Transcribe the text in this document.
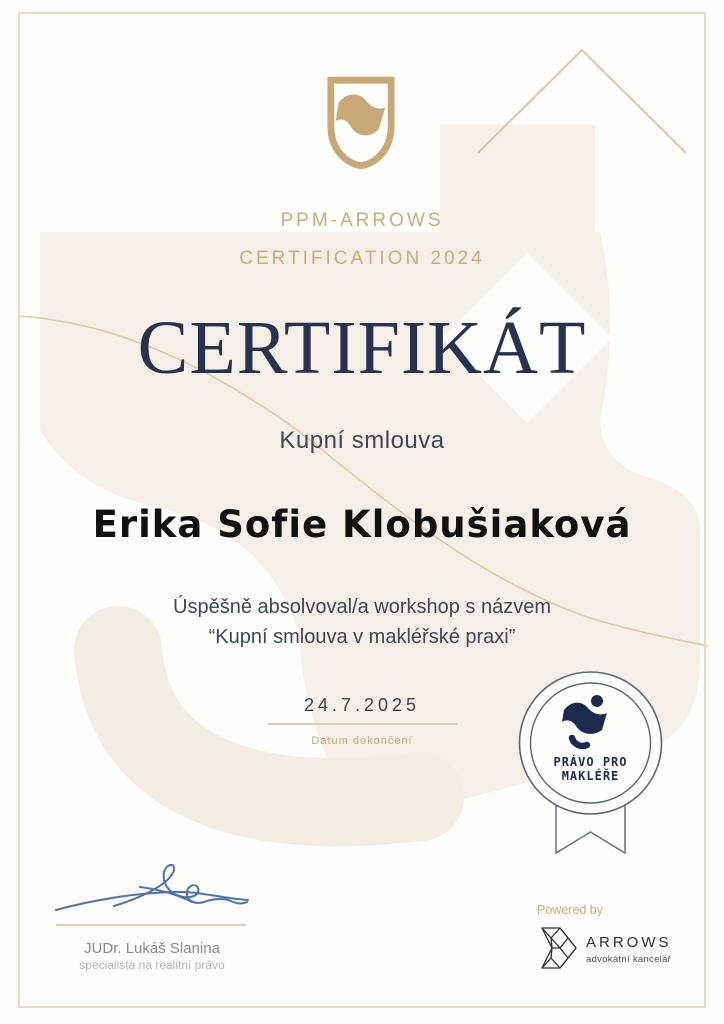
PPM-ARROWS
CERTIFICATION 2024
CERTIFIKÁT
Kupní smlouva
Erika Sofie Klobušiaková
Úspěšně absolvoval/a workshop s názvem
“Kupní smlouva v makléřské praxi”
24.7.2025
Datum dokončení
PRÁVO PRO
MAKLÉŘE
JUDr. Lukáš Slanina
specialista na realitní právo
Powered by
ARROWS
advokátní kancelář
